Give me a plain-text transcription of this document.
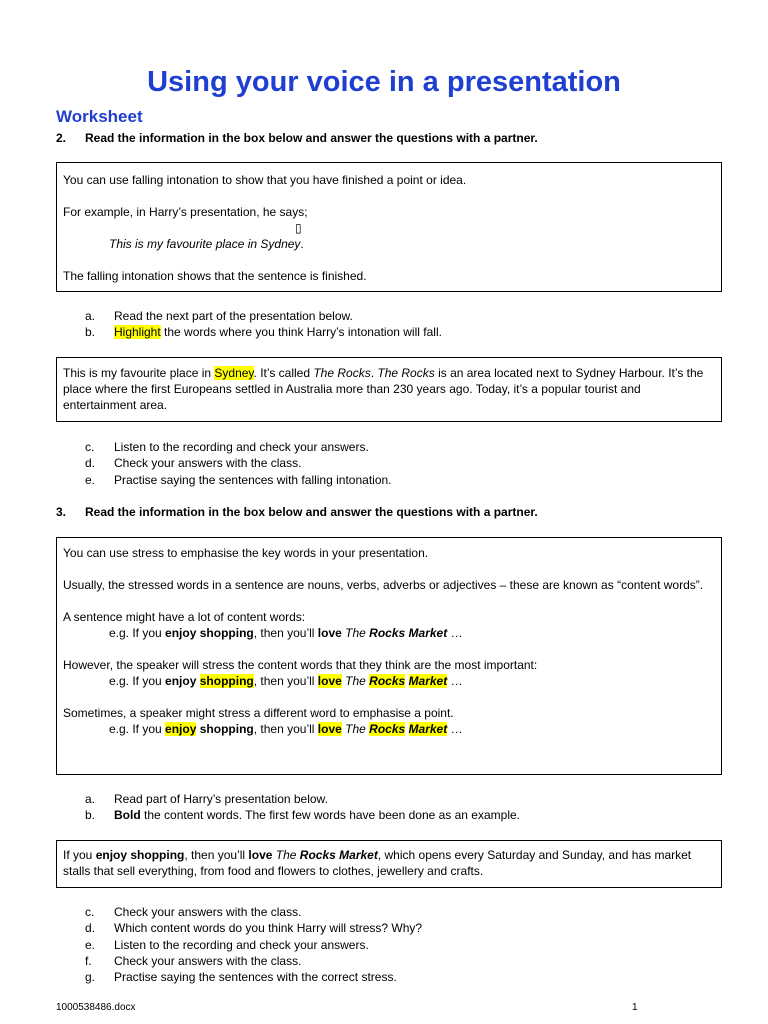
Using your voice in a presentation
Worksheet
2. Read the information in the box below and answer the questions with a partner.

You can use falling intonation to show that you have finished a point or idea.

For example, in Harry’s presentation, he says;

▯

This is my favourite place in Sydney.

The falling intonation shows that the sentence is finished.

a. Read the next part of the presentation below.
b. Highlight the words where you think Harry’s intonation will fall.

This is my favourite place in Sydney. It’s called The Rocks. The Rocks is an area located next to Sydney Harbour. It’s the place where the first Europeans settled in Australia more than 230 years ago. Today, it’s a popular tourist and entertainment area.

c. Listen to the recording and check your answers.
d. Check your answers with the class.
e. Practise saying the sentences with falling intonation.
3. Read the information in the box below and answer the questions with a partner.

You can use stress to emphasise the key words in your presentation.

Usually, the stressed words in a sentence are nouns, verbs, adverbs or adjectives – these are known as “content words”.

A sentence might have a lot of content words:

e.g. If you enjoy shopping, then you’ll love The Rocks Market …

However, the speaker will stress the content words that they think are the most important:

e.g. If you enjoy shopping, then you’ll love The Rocks Market …

Sometimes, a speaker might stress a different word to emphasise a point.

e.g. If you enjoy shopping, then you’ll love The Rocks Market …

a. Read part of Harry’s presentation below.
b. Bold the content words. The first few words have been done as an example.

If you enjoy shopping, then you’ll love The Rocks Market, which opens every Saturday and Sunday, and has market stalls that sell everything, from food and flowers to clothes, jewellery and crafts.

c. Check your answers with the class.
d. Which content words do you think Harry will stress? Why?
e. Listen to the recording and check your answers.
f. Check your answers with the class.
g. Practise saying the sentences with the correct stress.
1000538486.docx	1
